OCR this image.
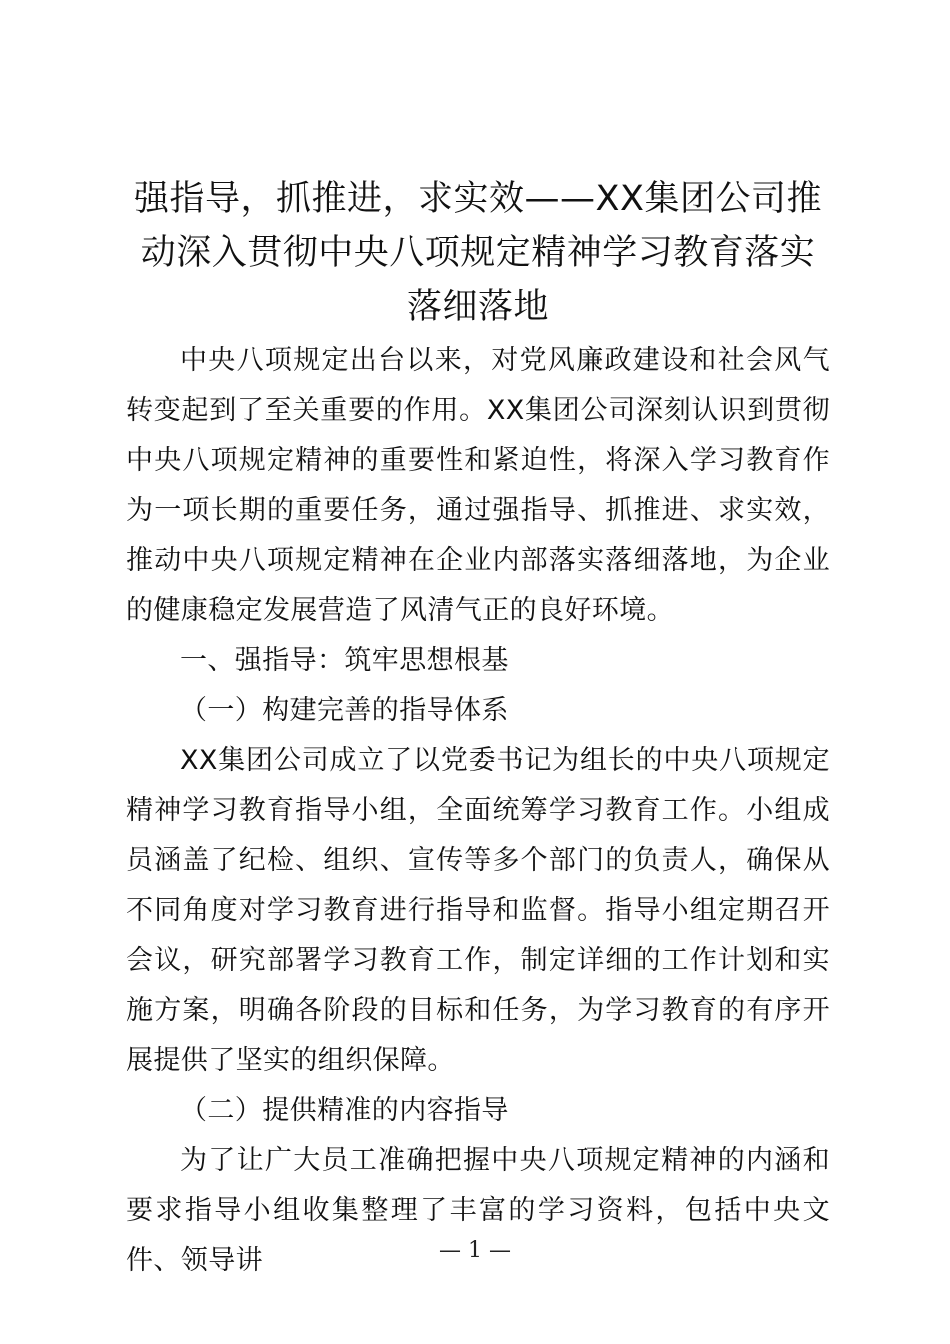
强指导，抓推进，求实效——XX集团公司推动深入贯彻中央八项规定精神学习教育落实落细落地

中央八项规定出台以来，对党风廉政建设和社会风气转变起到了至关重要的作用。XX集团公司深刻认识到贯彻中央八项规定精神的重要性和紧迫性，将深入学习教育作为一项长期的重要任务，通过强指导、抓推进、求实效，推动中央八项规定精神在企业内部落实落细落地，为企业的健康稳定发展营造了风清气正的良好环境。

一、强指导：筑牢思想根基

（一）构建完善的指导体系

XX集团公司成立了以党委书记为组长的中央八项规定精神学习教育指导小组，全面统筹学习教育工作。小组成员涵盖了纪检、组织、宣传等多个部门的负责人，确保从不同角度对学习教育进行指导和监督。指导小组定期召开会议，研究部署学习教育工作，制定详细的工作计划和实施方案，明确各阶段的目标和任务，为学习教育的有序开展提供了坚实的组织保障。

（二）提供精准的内容指导

为了让广大员工准确把握中央八项规定精神的内涵和要求指导小组收集整理了丰富的学习资料，包括中央文件、领导讲	— 1 —
